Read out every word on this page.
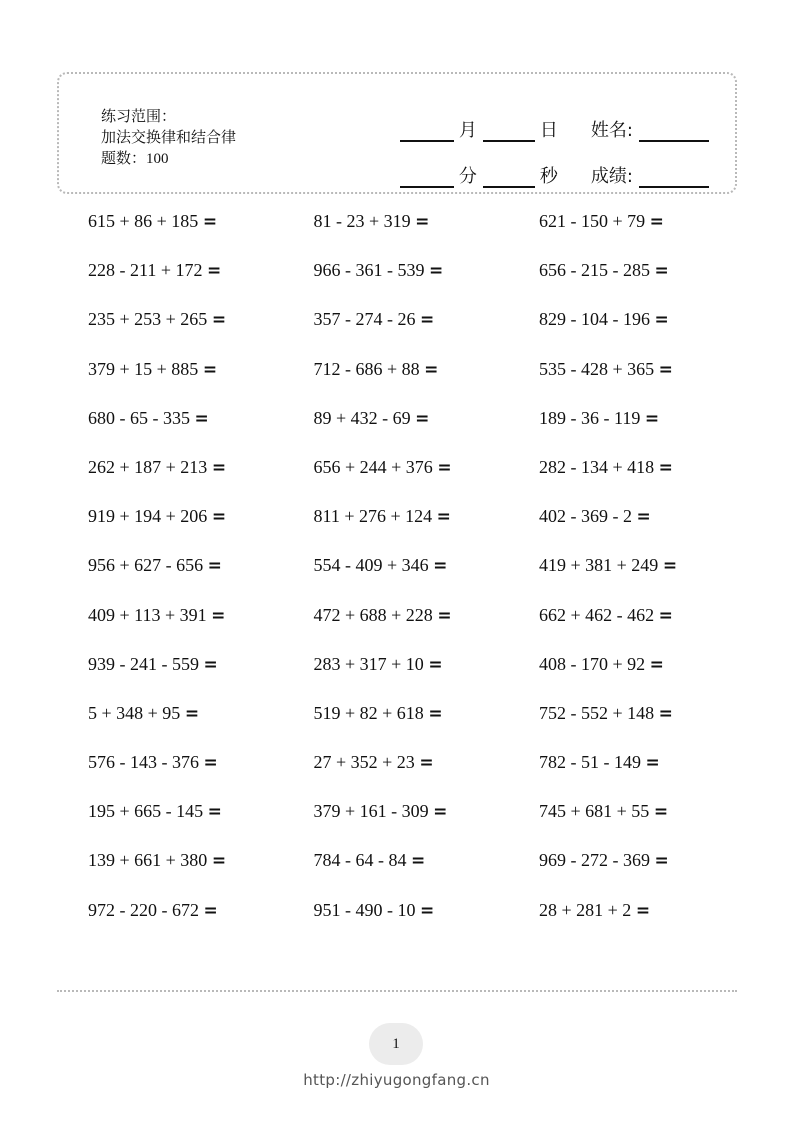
练习范围：
加法交换律和结合律
题数：100
月	日 姓名:
分	秒 成绩:
615 + 86 + 185 =	81 - 23 + 319 =	621 - 150 + 79 =
228 - 211 + 172 =	966 - 361 - 539 =	656 - 215 - 285 =
235 + 253 + 265 =	357 - 274 - 26 =	829 - 104 - 196 =
379 + 15 + 885 =	712 - 686 + 88 =	535 - 428 + 365 =
680 - 65 - 335 =	89 + 432 - 69 =	189 - 36 - 119 =
262 + 187 + 213 =	656 + 244 + 376 =	282 - 134 + 418 =
919 + 194 + 206 =	811 + 276 + 124 =	402 - 369 - 2 =
956 + 627 - 656 =	554 - 409 + 346 =	419 + 381 + 249 =
409 + 113 + 391 =	472 + 688 + 228 =	662 + 462 - 462 =
939 - 241 - 559 =	283 + 317 + 10 =	408 - 170 + 92 =
5 + 348 + 95 =	519 + 82 + 618 =	752 - 552 + 148 =
576 - 143 - 376 =	27 + 352 + 23 =	782 - 51 - 149 =
195 + 665 - 145 =	379 + 161 - 309 =	745 + 681 + 55 =
139 + 661 + 380 =	784 - 64 - 84 =	969 - 272 - 369 =
972 - 220 - 672 =	951 - 490 - 10 =	28 + 281 + 2 =
1
http://zhiyugongfang.cn
